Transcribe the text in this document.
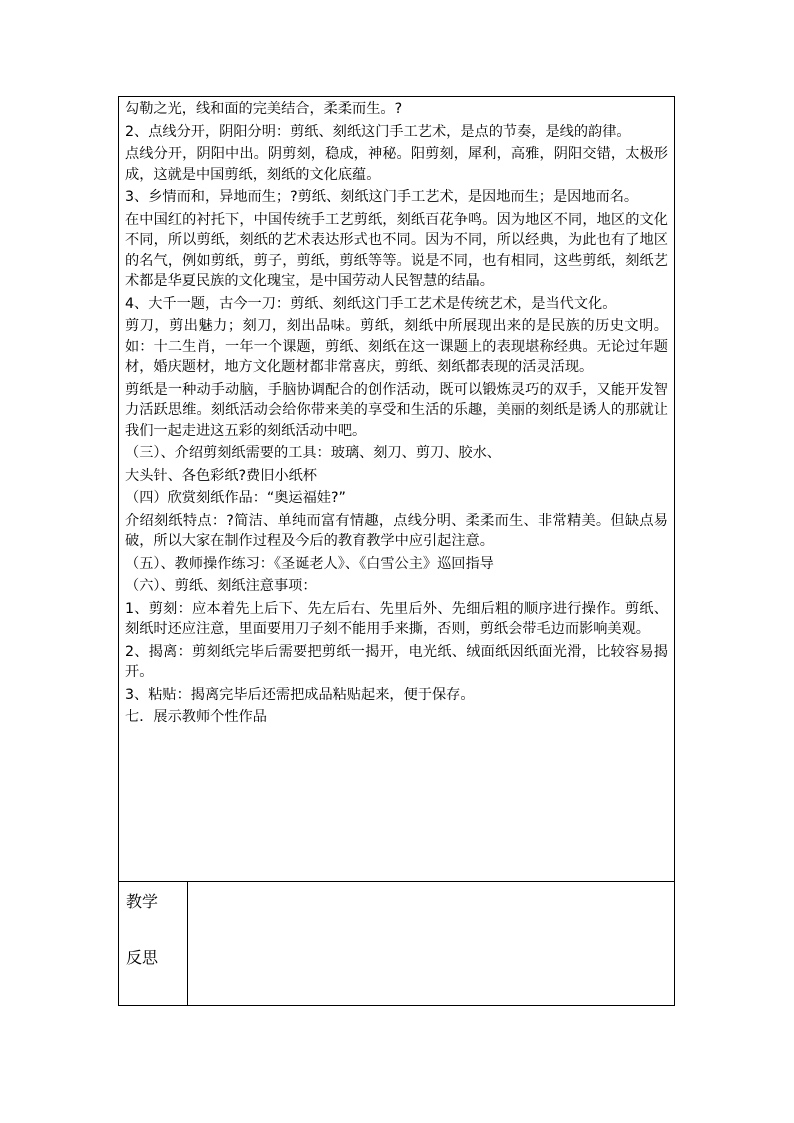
勾勒之光，线和面的完美结合，柔柔而生。?

2、点线分开，阴阳分明：剪纸、刻纸这门手工艺术，是点的节奏，是线的韵律。

点线分开，阴阳中出。阴剪刻，稳成，神秘。阳剪刻，犀利，高雅，阴阳交错，太极形成，这就是中国剪纸，刻纸的文化底蕴。

3、乡情而和，异地而生；?剪纸、刻纸这门手工艺术，是因地而生；是因地而名。

在中国红的衬托下，中国传统手工艺剪纸，刻纸百花争鸣。因为地区不同，地区的文化不同，所以剪纸，刻纸的艺术表达形式也不同。因为不同，所以经典，为此也有了地区的名气，例如剪纸，剪子，剪纸，剪纸等等。说是不同，也有相同，这些剪纸，刻纸艺术都是华夏民族的文化瑰宝，是中国劳动人民智慧的结晶。

4、大千一题，古今一刀：剪纸、刻纸这门手工艺术是传统艺术，是当代文化。

剪刀，剪出魅力；刻刀，刻出品味。剪纸，刻纸中所展现出来的是民族的历史文明。如：十二生肖，一年一个课题，剪纸、刻纸在这一课题上的表现堪称经典。无论过年题材，婚庆题材，地方文化题材都非常喜庆，剪纸、刻纸都表现的活灵活现。

剪纸是一种动手动脑，手脑协调配合的创作活动，既可以锻炼灵巧的双手，又能开发智力活跃思维。刻纸活动会给你带来美的享受和生活的乐趣，美丽的刻纸是诱人的那就让我们一起走进这五彩的刻纸活动中吧。

（三）、介绍剪刻纸需要的工具：玻璃、刻刀、剪刀、胶水、

大头针、各色彩纸?费旧小纸杯

（四）欣赏刻纸作品：“奥运福娃?”

介绍刻纸特点：?简洁、单纯而富有情趣，点线分明、柔柔而生、非常精美。但缺点易破，所以大家在制作过程及今后的教育教学中应引起注意。

（五）、教师操作练习：《圣诞老人》、《白雪公主》巡回指导

（六）、剪纸、刻纸注意事项：

1、剪刻：应本着先上后下、先左后右、先里后外、先细后粗的顺序进行操作。剪纸、刻纸时还应注意，里面要用刀子刻不能用手来撕，否则，剪纸会带毛边而影响美观。

2、揭离：剪刻纸完毕后需要把剪纸一揭开，电光纸、绒面纸因纸面光滑，比较容易揭开。

3、粘贴：揭离完毕后还需把成品粘贴起来，便于保存。

七．展示教师个性作品

教学
反思
